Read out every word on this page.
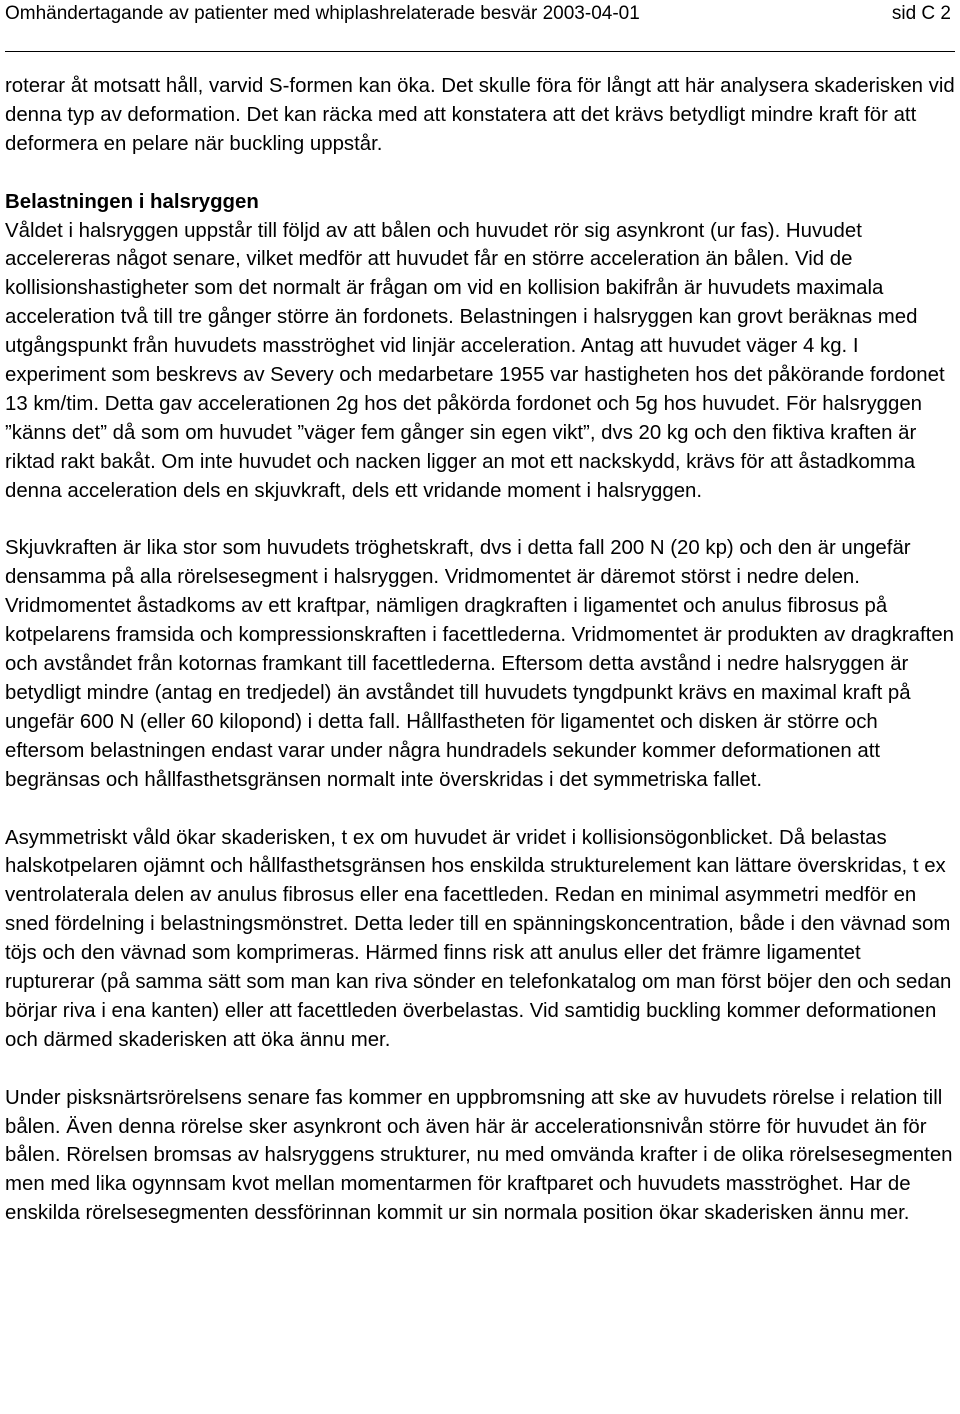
Omhändertagande av patienter med whiplashrelaterade besvär 2003-04-01	sid C 2

roterar åt motsatt håll, varvid S-formen kan öka. Det skulle föra för långt att här analysera skaderisken vid denna typ av deformation. Det kan räcka med att konstatera att det krävs betydligt mindre kraft för att deformera en pelare när buckling uppstår.

Belastningen i halsryggen
Våldet i halsryggen uppstår till följd av att bålen och huvudet rör sig asynkront (ur fas). Huvudet accelereras något senare, vilket medför att huvudet får en större acceleration än bålen. Vid de kollisionshastigheter som det normalt är frågan om vid en kollision bakifrån är huvudets maximala acceleration två till tre gånger större än fordonets. Belastningen i halsryggen kan grovt beräknas med utgångspunkt från huvudets masströghet vid linjär acceleration. Antag att huvudet väger 4 kg. I experiment som beskrevs av Severy och medarbetare 1955 var hastigheten hos det påkörande fordonet 13 km/tim. Detta gav accelerationen 2g hos det påkörda fordonet och 5g hos huvudet. För halsryggen ”känns det” då som om huvudet ”väger fem gånger sin egen vikt”, dvs 20 kg och den fiktiva kraften är riktad rakt bakåt. Om inte huvudet och nacken ligger an mot ett nackskydd, krävs för att åstadkomma denna acceleration dels en skjuvkraft, dels ett vridande moment i halsryggen.

Skjuvkraften är lika stor som huvudets tröghetskraft, dvs i detta fall 200 N (20 kp) och den är ungefär densamma på alla rörelsesegment i halsryggen. Vridmomentet är däremot störst i nedre delen. Vridmomentet åstadkoms av ett kraftpar, nämligen dragkraften i ligamentet och anulus fibrosus på kotpelarens framsida och kompressionskraften i facettlederna. Vridmomentet är produkten av dragkraften och avståndet från kotornas framkant till facettlederna. Eftersom detta avstånd i nedre halsryggen är betydligt mindre (antag en tredjedel) än avståndet till huvudets tyngdpunkt krävs en maximal kraft på ungefär 600 N (eller 60 kilopond) i detta fall. Hållfastheten för ligamentet och disken är större och eftersom belastningen endast varar under några hundradels sekunder kommer deformationen att begränsas och hållfasthetsgränsen normalt inte överskridas i det symmetriska fallet.

Asymmetriskt våld ökar skaderisken, t ex om huvudet är vridet i kollisionsögonblicket. Då belastas halskotpelaren ojämnt och hållfasthetsgränsen hos enskilda strukturelement kan lättare överskridas, t ex ventrolaterala delen av anulus fibrosus eller ena facettleden. Redan en minimal asymmetri medför en sned fördelning i belastningsmönstret. Detta leder till en spänningskoncentration, både i den vävnad som töjs och den vävnad som komprimeras. Härmed finns risk att anulus eller det främre ligamentet rupturerar (på samma sätt som man kan riva sönder en telefonkatalog om man först böjer den och sedan börjar riva i ena kanten) eller att facettleden överbelastas. Vid samtidig buckling kommer deformationen och därmed skaderisken att öka ännu mer.

Under pisksnärtsrörelsens senare fas kommer en uppbromsning att ske av huvudets rörelse i relation till bålen. Även denna rörelse sker asynkront och även här är accelerationsnivån större för huvudet än för bålen. Rörelsen bromsas av halsryggens strukturer, nu med omvända krafter i de olika rörelsesegmenten men med lika ogynnsam kvot mellan momentarmen för kraftparet och huvudets masströghet. Har de enskilda rörelsesegmenten dessförinnan kommit ur sin normala position ökar skaderisken ännu mer.
